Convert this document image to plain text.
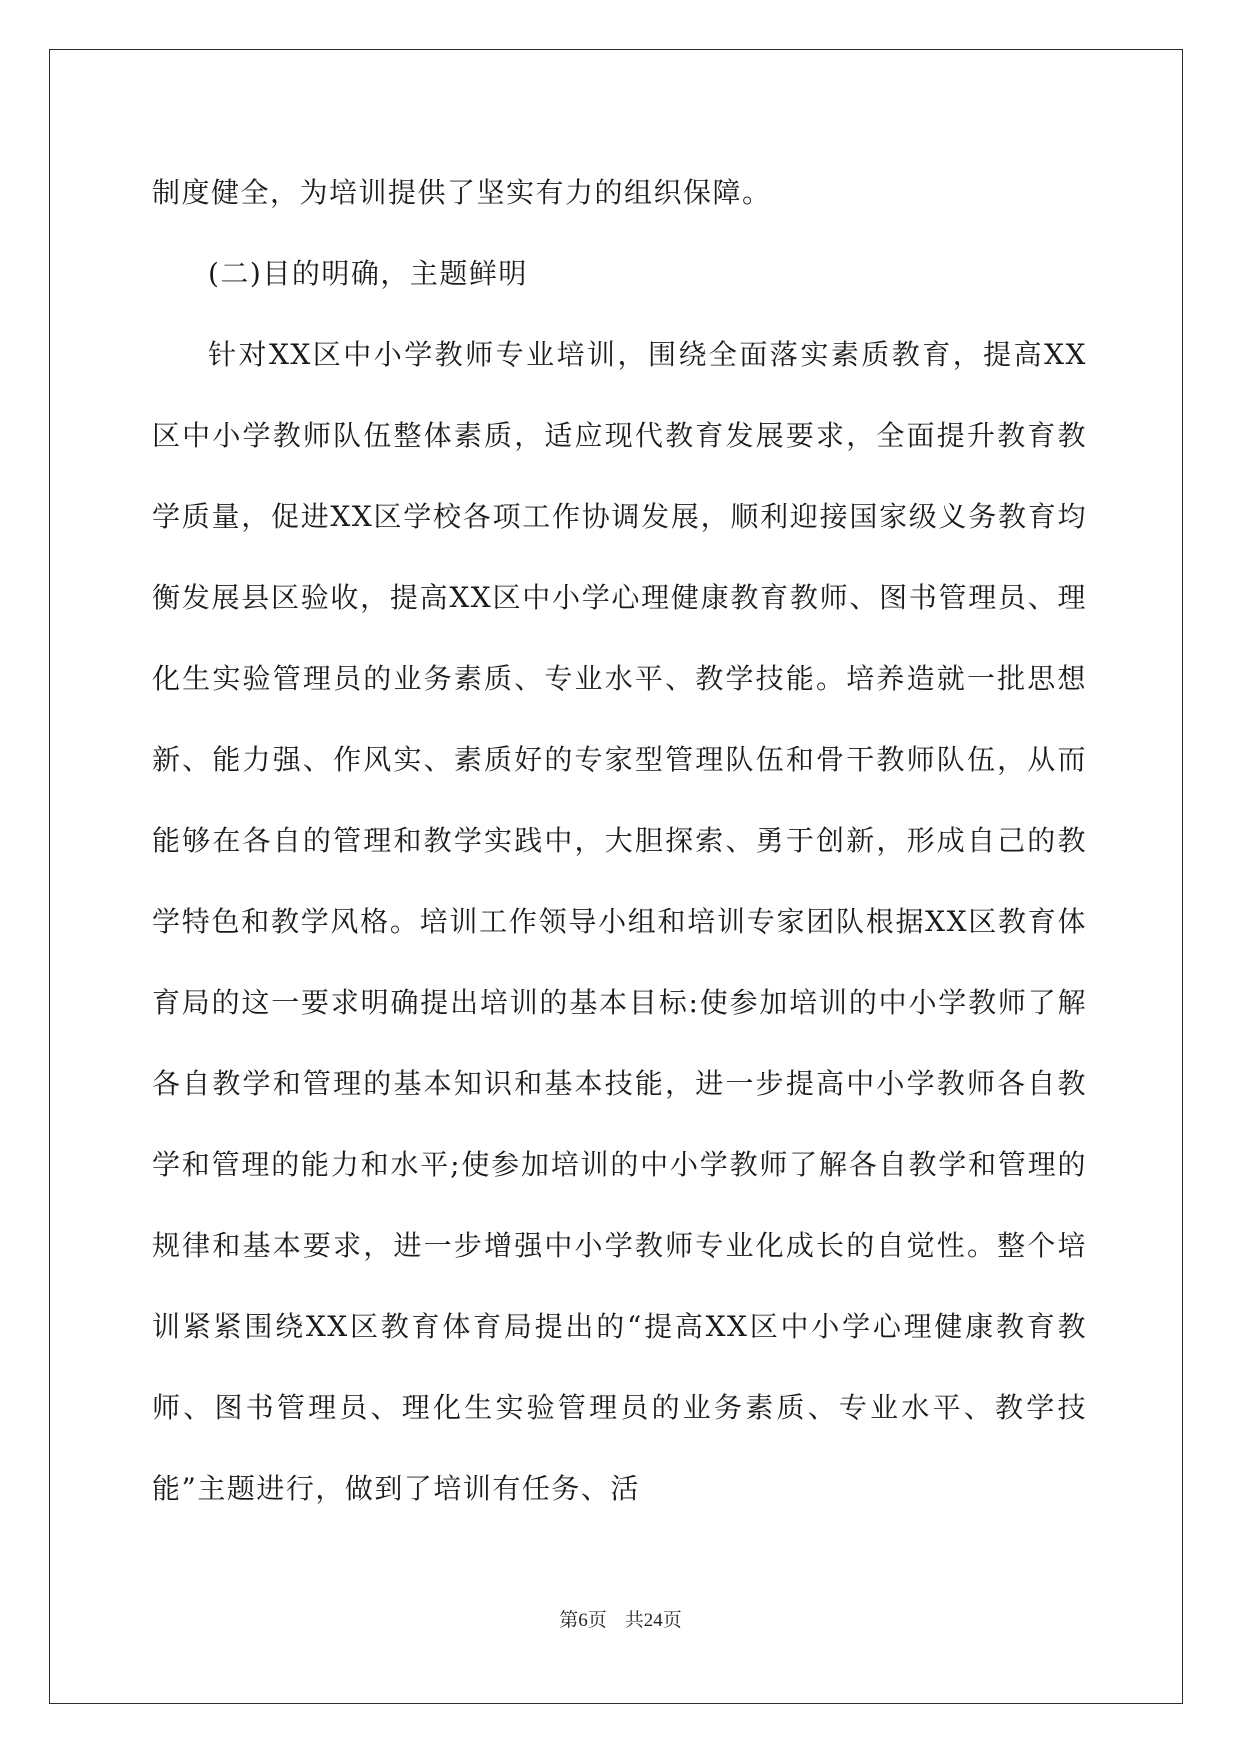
制度健全，为培训提供了坚实有力的组织保障。

(二)目的明确，主题鲜明

针对XX区中小学教师专业培训，围绕全面落实素质教育，提高XX区中小学教师队伍整体素质，适应现代教育发展要求，全面提升教育教学质量，促进XX区学校各项工作协调发展，顺利迎接国家级义务教育均衡发展县区验收，提高XX区中小学心理健康教育教师、图书管理员、理化生实验管理员的业务素质、专业水平、教学技能。培养造就一批思想新、能力强、作风实、素质好的专家型管理队伍和骨干教师队伍，从而能够在各自的管理和教学实践中，大胆探索、勇于创新，形成自己的教学特色和教学风格。培训工作领导小组和培训专家团队根据XX区教育体育局的这一要求明确提出培训的基本目标:使参加培训的中小学教师了解各自教学和管理的基本知识和基本技能，进一步提高中小学教师各自教学和管理的能力和水平;使参加培训的中小学教师了解各自教学和管理的规律和基本要求，进一步增强中小学教师专业化成长的自觉性。整个培训紧紧围绕XX区教育体育局提出的“提高XX区中小学心理健康教育教师、图书管理员、理化生实验管理员的业务素质、专业水平、教学技能”主题进行，做到了培训有任务、活

第6页 共24页
